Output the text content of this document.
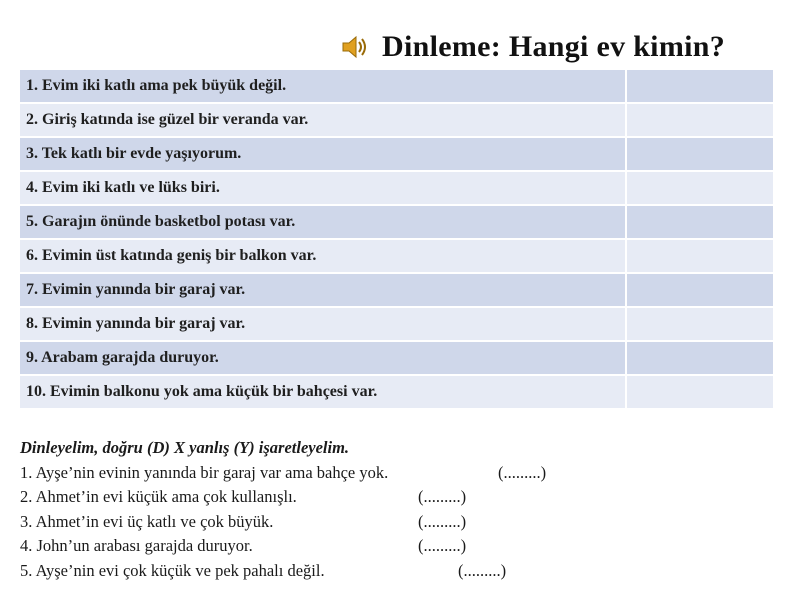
Dinleme: Hangi ev kimin?
1. Evim iki katlı ama pek büyük değil.	
2. Giriş katında ise güzel bir veranda var.	
3. Tek katlı bir evde yaşıyorum.	
4. Evim iki katlı ve lüks biri.	
5. Garajın önünde basketbol potası var.	
6. Evimin üst katında geniş bir balkon var.	
7. Evimin yanında bir garaj var.	
8. Evimin yanında bir garaj var.	
9. Arabam garajda duruyor.	
10. Evimin balkonu yok ama küçük bir bahçesi var.	
Dinleyelim, doğru (D) X yanlış (Y) işaretleyelim.
1. Ayşe’nin evinin yanında bir garaj var ama bahçe yok.	(.........)
2. Ahmet’in evi küçük ama çok kullanışlı.	(.........)
3. Ahmet’in evi üç katlı ve çok büyük.	(.........)
4. John’un arabası garajda duruyor.	(.........)
5. Ayşe’nin evi çok küçük ve pek pahalı değil.	(.........)
